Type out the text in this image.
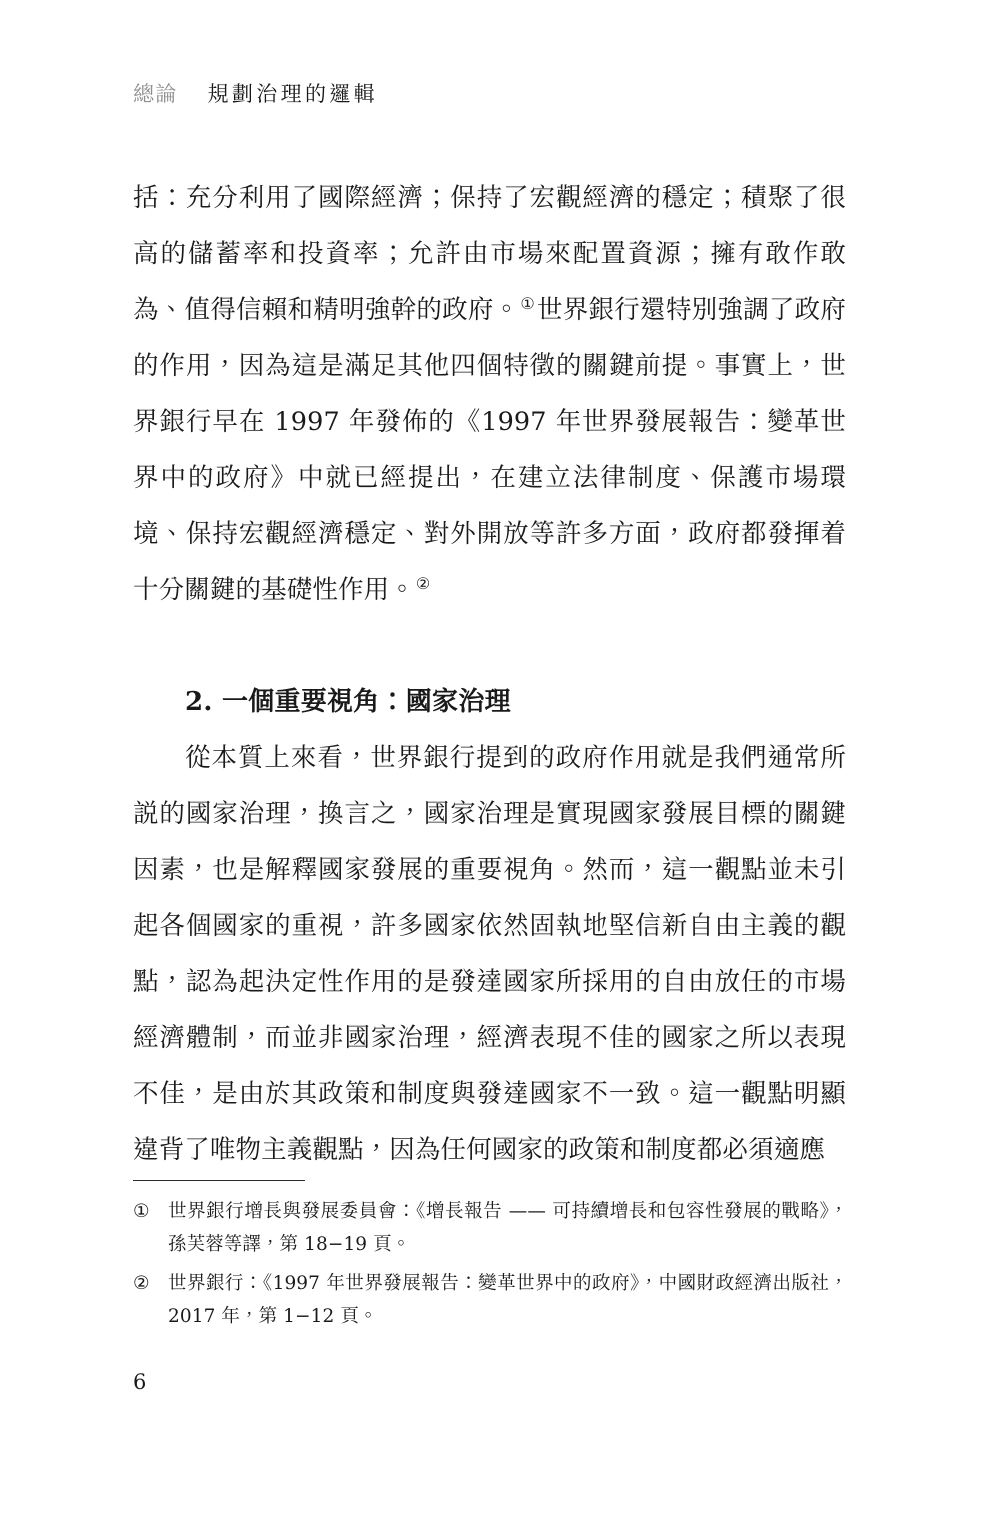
總論 規劃治理的邏輯

括：充分利用了國際經濟；保持了宏觀經濟的穩定；積聚了很高的儲蓄率和投資率；允許由市場來配置資源；擁有敢作敢為、值得信賴和精明強幹的政府。①世界銀行還特別強調了政府的作用，因為這是滿足其他四個特徵的關鍵前提。事實上，世界銀行早在 1997 年發佈的《1997 年世界發展報告：變革世界中的政府》中就已經提出，在建立法律制度、保護市場環境、保持宏觀經濟穩定、對外開放等許多方面，政府都發揮着十分關鍵的基礎性作用。②

2. 一個重要視角：國家治理

從本質上來看，世界銀行提到的政府作用就是我們通常所説的國家治理，換言之，國家治理是實現國家發展目標的關鍵因素，也是解釋國家發展的重要視角。然而，這一觀點並未引起各個國家的重視，許多國家依然固執地堅信新自由主義的觀點，認為起決定性作用的是發達國家所採用的自由放任的市場經濟體制，而並非國家治理，經濟表現不佳的國家之所以表現不佳，是由於其政策和制度與發達國家不一致。這一觀點明顯違背了唯物主義觀點，因為任何國家的政策和制度都必須適應

① 世界銀行增長與發展委員會：《增長報告 —— 可持續增長和包容性發展的戰略》，孫芙蓉等譯，第 18−19 頁。
② 世界銀行：《1997 年世界發展報告：變革世界中的政府》，中國財政經濟出版社，2017 年，第 1−12 頁。
6
